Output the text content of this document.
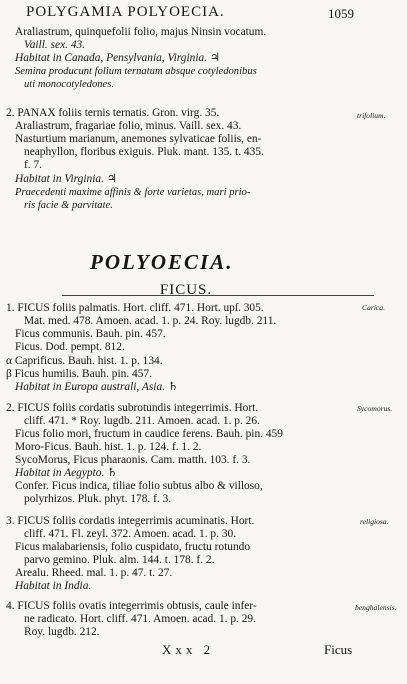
POLYGAMIA POLYOECIA.	1059
Araliastrum, quinquefolii folio, majus Ninsin vocatum.
Vaill. sex. 43.
Habitat in Canada, Pensylvania, Virginia. ♃
Semina producunt folium ternatum absque cotyledonibus
uti monocotyledones.
2. PANAX foliis ternis ternatis. Gron. virg. 35.	trifolium.
Araliastrum, fragariae folio, minus. Vaill. sex. 43.
Nasturtium marianum, anemones sylvaticae foliis, en-
neaphyllon, floribus exiguis. Pluk. mant. 135. t. 435.
f. 7.
Habitat in Virginia. ♃
Praecedenti maxime affinis & forte varietas, mari prio-
ris facie & parvitate.
POLYOECIA.
FICUS.
1. FICUS foliis palmatis. Hort. cliff. 471. Hort. upſ. 305.	Carica.
Mat. med. 478. Amoen. acad. 1. p. 24. Roy. lugdb. 211.
Ficus communis. Bauh. pin. 457.
Ficus. Dod. pempt. 812.
α Caprificus. Bauh. hist. 1. p. 134.
β Ficus humilis. Bauh. pin. 457.
Habitat in Europa australi, Asia. ♄
2. FICUS foliis cordatis subrotundis integerrimis. Hort.	Sycomorus.
cliff. 471. * Roy. lugdb. 211. Amoen. acad. 1. p. 26.
Ficus folio mori, fructum in caudice ferens. Bauh. pin. 459
Moro-Ficus. Bauh. hist. 1. p. 124. f. 1. 2.
SycoMorus, Ficus pharaonis. Cam. matth. 103. f. 3.
Habitat in Aegypto. ♄
Confer. Ficus indica, tiliae folio subtus albo & villoso,
polyrhizos. Pluk. phyt. 178. f. 3.
3. FICUS foliis cordatis integerrimis acuminatis. Hort.	religiosa.
cliff. 471. Fl. zeyl. 372. Amoen. acad. 1. p. 30.
Ficus malabariensis, folio cuspidato, fructu rotundo
parvo gemino. Pluk. alm. 144. t. 178. f. 2.
Arealu. Rheed. mal. 1. p. 47. t. 27.
Habitat in India.
4. FICUS foliis ovatis integerrimis obtusis, caule infer-	benghalensis.
ne radicato. Hort. cliff. 471. Amoen. acad. 1. p. 29.
Roy. lugdb. 212.
Xxx 2	Ficus
